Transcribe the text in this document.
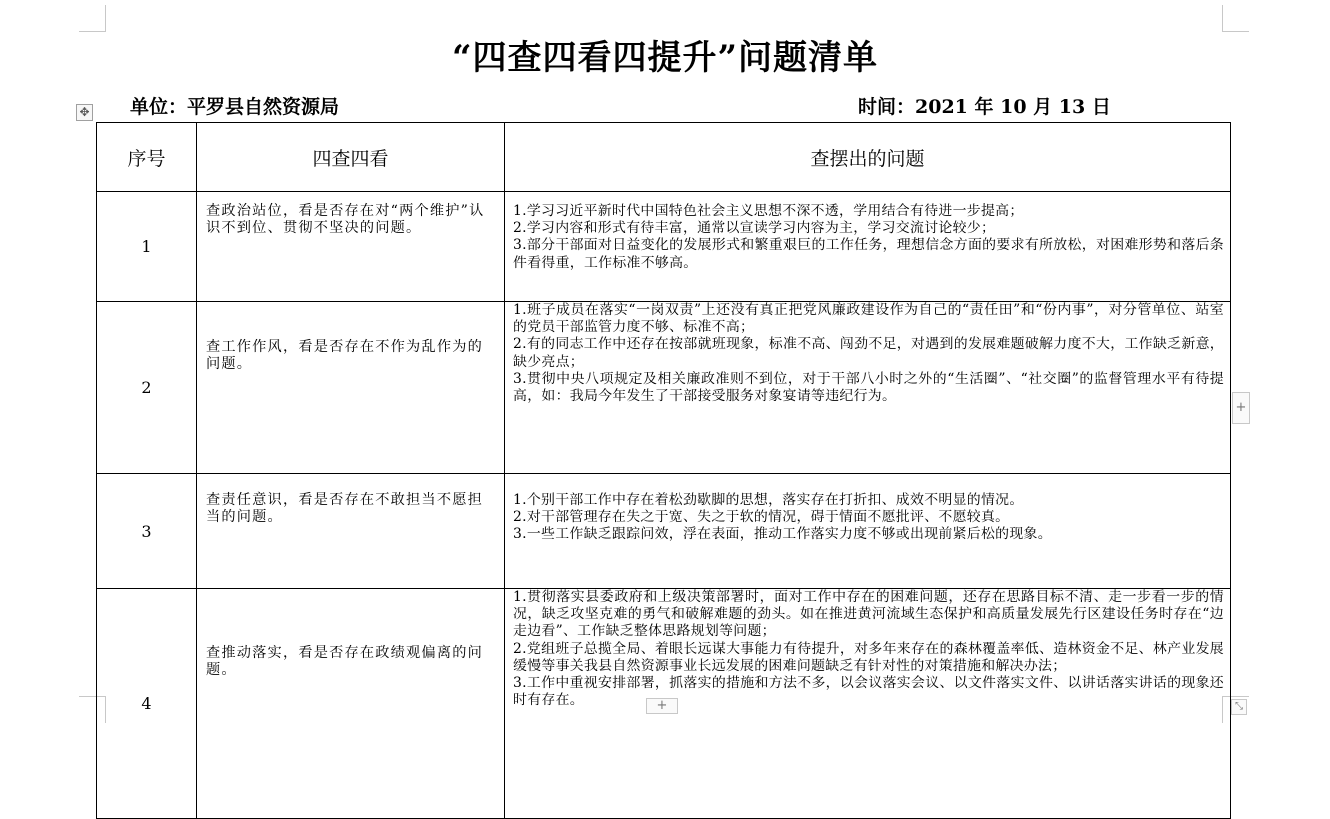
“四查四看四提升”问题清单
单位：平罗县自然资源局	时间：2021 年 10 月 13 日
✥
+
+	⤡
序号	四查四看	查摆出的问题
1	查政治站位，看是否存在对“两个维护”认识不到位、贯彻不坚决的问题。	1.学习习近平新时代中国特色社会主义思想不深不透，学用结合有待进一步提高；
2.学习内容和形式有待丰富，通常以宣读学习内容为主，学习交流讨论较少；
3.部分干部面对日益变化的发展形式和繁重艰巨的工作任务，理想信念方面的要求有所放松，对困难形势和落后条件看得重，工作标准不够高。

2	查工作作风，看是否存在不作为乱作为的问题。	1.班子成员在落实“一岗双责”上还没有真正把党风廉政建设作为自己的“责任田”和“份内事”，对分管单位、站室的党员干部监管力度不够、标准不高；
2.有的同志工作中还存在按部就班现象，标准不高、闯劲不足，对遇到的发展难题破解力度不大，工作缺乏新意，缺少亮点；
3.贯彻中央八项规定及相关廉政准则不到位，对于干部八小时之外的“生活圈”、“社交圈”的监督管理水平有待提高，如：我局今年发生了干部接受服务对象宴请等违纪行为。

3	查责任意识，看是否存在不敢担当不愿担当的问题。	1.个别干部工作中存在着松劲歇脚的思想，落实存在打折扣、成效不明显的情况。
2.对干部管理存在失之于宽、失之于软的情况，碍于情面不愿批评、不愿较真。
3.一些工作缺乏跟踪问效，浮在表面，推动工作落实力度不够或出现前紧后松的现象。

4	查推动落实，看是否存在政绩观偏离的问题。	1.贯彻落实县委政府和上级决策部署时，面对工作中存在的困难问题，还存在思路目标不清、走一步看一步的情况，缺乏攻坚克难的勇气和破解难题的劲头。如在推进黄河流域生态保护和高质量发展先行区建设任务时存在“边走边看”、工作缺乏整体思路规划等问题；
2.党组班子总揽全局、着眼长远谋大事能力有待提升，对多年来存在的森林覆盖率低、造林资金不足、林产业发展缓慢等事关我县自然资源事业长远发展的困难问题缺乏有针对性的对策措施和解决办法；
3.工作中重视安排部署，抓落实的措施和方法不多，以会议落实会议、以文件落实文件、以讲话落实讲话的现象还时有存在。
